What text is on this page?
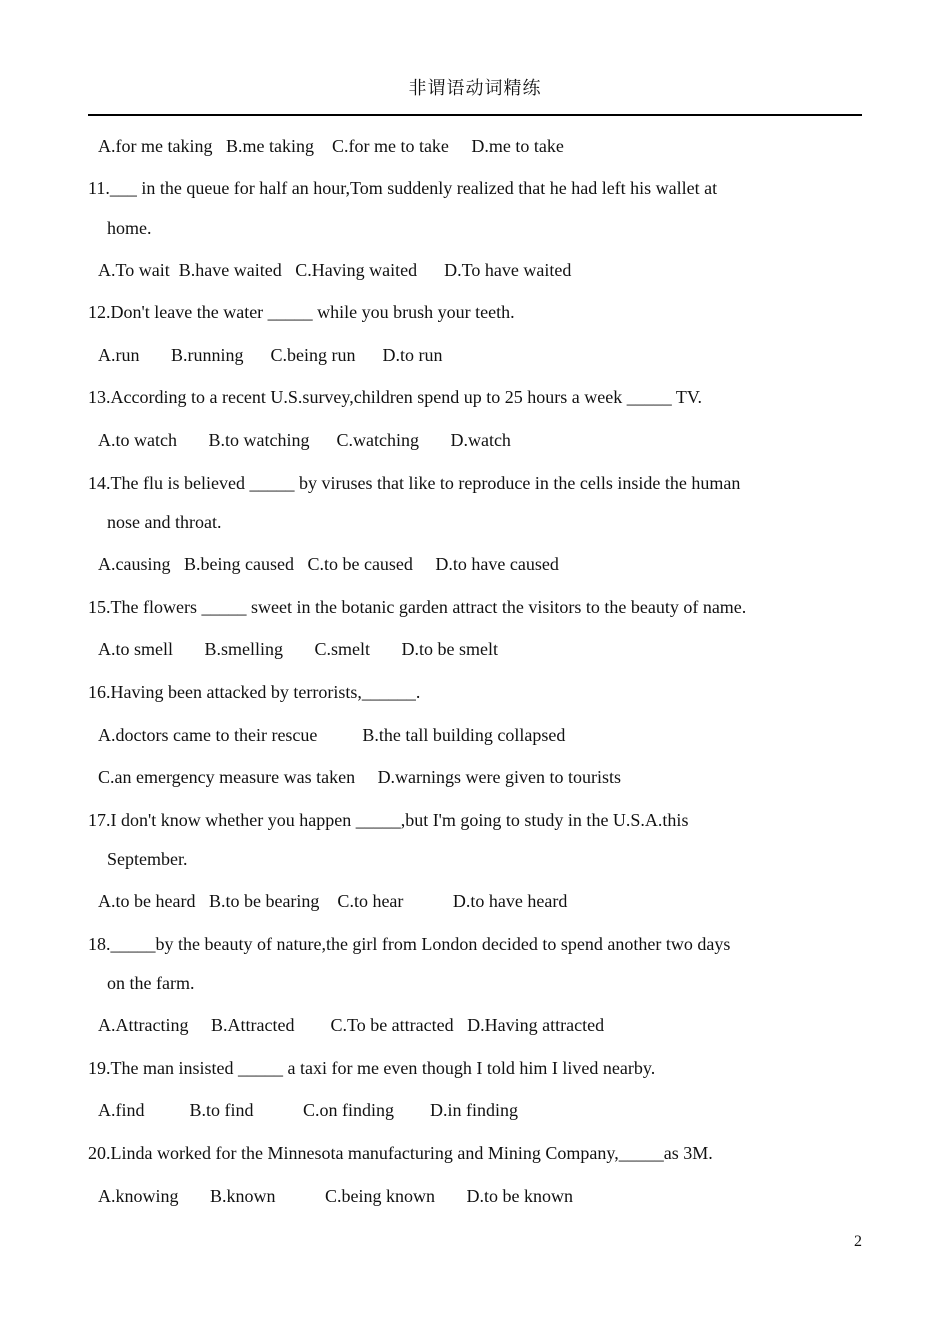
非谓语动词精练
A.for me taking   B.me taking    C.for me to take     D.me to take
11.___ in the queue for half an hour,Tom suddenly realized that he had left his wallet at
home.
A.To wait  B.have waited   C.Having waited      D.To have waited
12.Don't leave the water _____ while you brush your teeth.
A.run       B.running      C.being run      D.to run
13.According to a recent U.S.survey,children spend up to 25 hours a week _____ TV.
A.to watch       B.to watching      C.watching       D.watch
14.The flu is believed _____ by viruses that like to reproduce in the cells inside the human
nose and throat.
A.causing   B.being caused   C.to be caused     D.to have caused
15.The flowers _____ sweet in the botanic garden attract the visitors to the beauty of name.
A.to smell       B.smelling       C.smelt       D.to be smelt
16.Having been attacked by terrorists,______.
A.doctors came to their rescue          B.the tall building collapsed
C.an emergency measure was taken     D.warnings were given to tourists
17.I don't know whether you happen _____,but I'm going to study in the U.S.A.this
September.
A.to be heard   B.to be bearing    C.to hear           D.to have heard
18._____by the beauty of nature,the girl from London decided to spend another two days
on the farm.
A.Attracting     B.Attracted        C.To be attracted   D.Having attracted
19.The man insisted _____ a taxi for me even though I told him I lived nearby.
A.find          B.to find           C.on finding        D.in finding
20.Linda worked for the Minnesota manufacturing and Mining Company,_____as 3M.
A.knowing       B.known           C.being known       D.to be known
2
